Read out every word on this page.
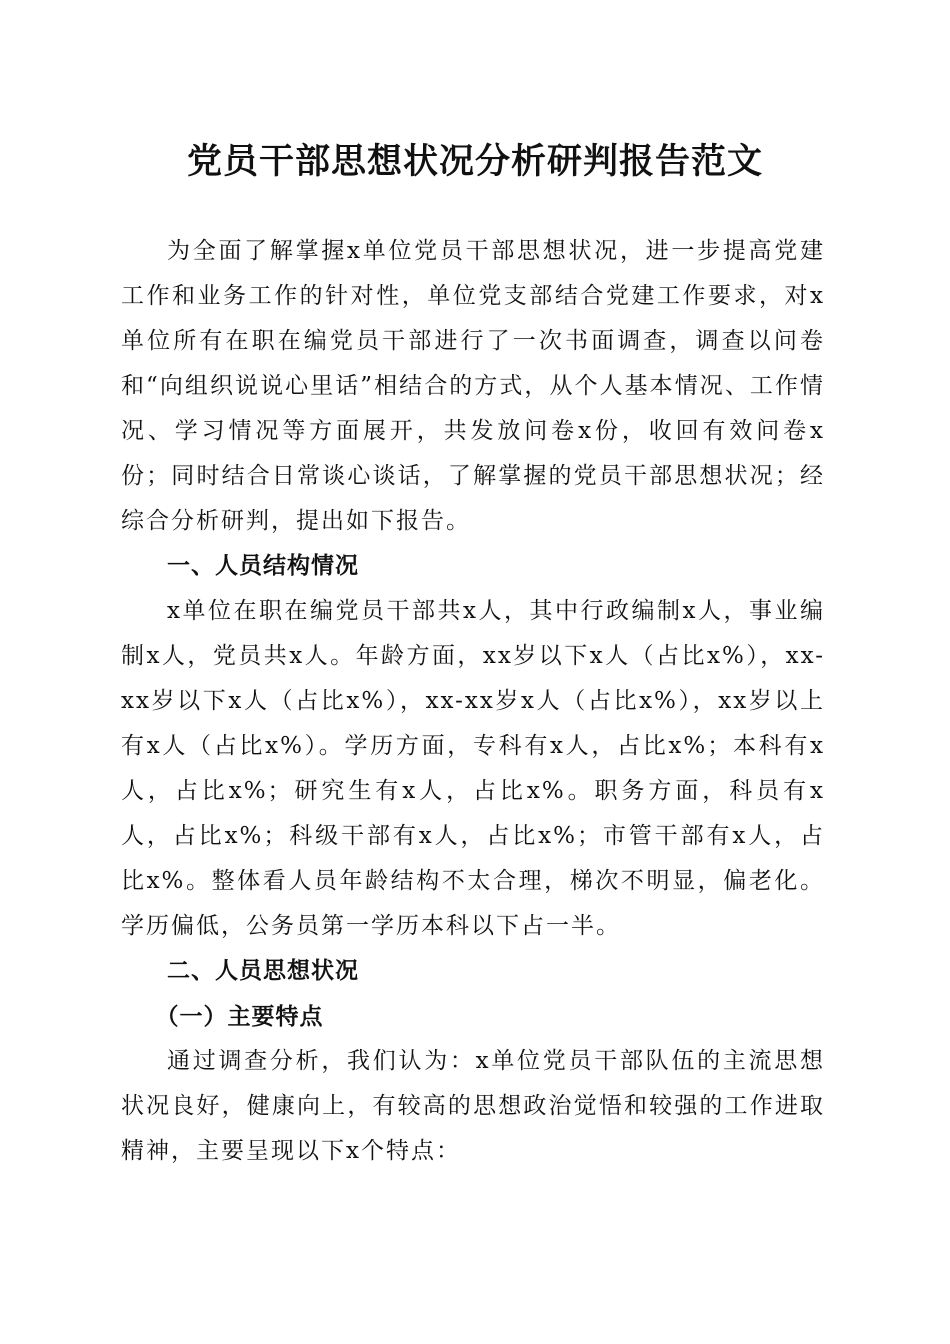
党员干部思想状况分析研判报告范文

为全面了解掌握x单位党员干部思想状况，进一步提高党建工作和业务工作的针对性，单位党支部结合党建工作要求，对x单位所有在职在编党员干部进行了一次书面调查，调查以问卷和“向组织说说心里话”相结合的方式，从个人基本情况、工作情况、学习情况等方面展开，共发放问卷x份，收回有效问卷x份；同时结合日常谈心谈话，了解掌握的党员干部思想状况；经综合分析研判，提出如下报告。

一、人员结构情况

x单位在职在编党员干部共x人，其中行政编制x人，事业编制x人，党员共x人。年龄方面，xx岁以下x人（占比x%），xx-xx岁以下x人（占比x%），xx-xx岁x人（占比x%），xx岁以上有x人（占比x%）。学历方面，专科有x人，占比x%；本科有x人，占比x%；研究生有x人，占比x%。职务方面，科员有x人，占比x%；科级干部有x人，占比x%；市管干部有x人，占比x%。整体看人员年龄结构不太合理，梯次不明显，偏老化。学历偏低，公务员第一学历本科以下占一半。

二、人员思想状况

（一）主要特点

通过调查分析，我们认为：x单位党员干部队伍的主流思想状况良好，健康向上，有较高的思想政治觉悟和较强的工作进取精神，主要呈现以下x个特点：
